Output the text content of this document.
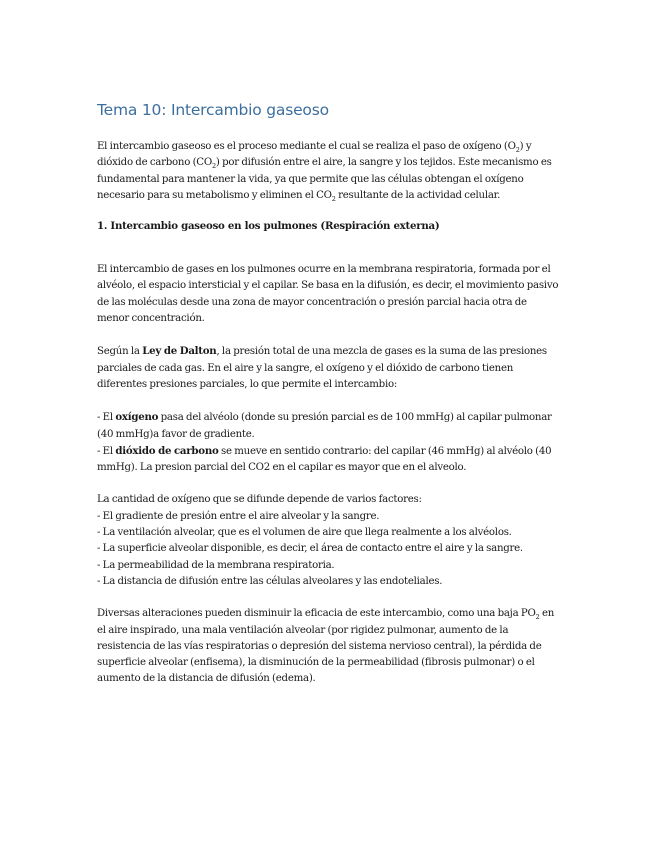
Tema 10: Intercambio gaseoso

El intercambio gaseoso es el proceso mediante el cual se realiza el paso de oxígeno $(O_2)$ y dióxido de carbono $(CO_2)$ por difusión entre el aire, la sangre y los tejidos. Este mecanismo es fundamental para mantener la vida, ya que permite que las células obtengan el oxígeno necesario para su metabolismo y eliminen el $CO_2$ resultante de la actividad celular.

1. Intercambio gaseoso en los pulmones (Respiración externa)

El intercambio de gases en los pulmones ocurre en la membrana respiratoria, formada por el alvéolo, el espacio intersticial y el capilar. Se basa en la difusión, es decir, el movimiento pasivo de las moléculas desde una zona de mayor concentración o presión parcial hacia otra de menor concentración.

Según la Ley de Dalton, la presión total de una mezcla de gases es la suma de las presiones parciales de cada gas. En el aire y la sangre, el oxígeno y el dióxido de carbono tienen diferentes presiones parciales, lo que permite el intercambio:

- El oxígeno pasa del alvéolo (donde su presión parcial es de 100 mmHg) al capilar pulmonar (40 mmHg)a favor de gradiente.

- El dióxido de carbono se mueve en sentido contrario: del capilar (46 mmHg) al alvéolo (40 mmHg). La presion parcial del CO2 en el capilar es mayor que en el alveolo.

La cantidad de oxígeno que se difunde depende de varios factores:

- El gradiente de presión entre el aire alveolar y la sangre.

- La ventilación alveolar, que es el volumen de aire que llega realmente a los alvéolos.

- La superficie alveolar disponible, es decir, el área de contacto entre el aire y la sangre.

- La permeabilidad de la membrana respiratoria.

- La distancia de difusión entre las células alveolares y las endoteliales.

Diversas alteraciones pueden disminuir la eficacia de este intercambio, como una baja $PO_2$ en el aire inspirado, una mala ventilación alveolar (por rigidez pulmonar, aumento de la resistencia de las vías respiratorias o depresión del sistema nervioso central), la pérdida de superficie alveolar (enfisema), la disminución de la permeabilidad (fibrosis pulmonar) o el aumento de la distancia de difusión (edema).
